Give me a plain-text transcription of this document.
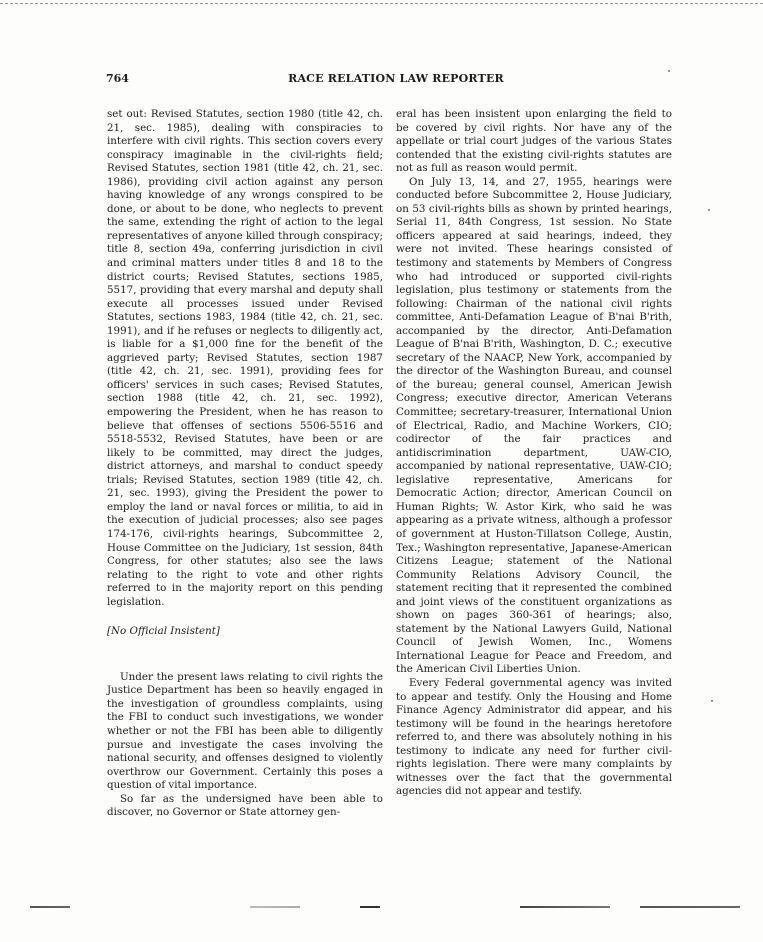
764	RACE RELATION LAW REPORTER

set out: Revised Statutes, section 1980 (title 42, ch. 21, sec. 1985), dealing with conspiracies to interfere with civil rights. This section covers every conspiracy imaginable in the civil-rights field; Revised Statutes, section 1981 (title 42, ch. 21, sec. 1986), providing civil action against any person having knowledge of any wrongs conspired to be done, or about to be done, who neglects to prevent the same, extending the right of action to the legal representatives of anyone killed through conspiracy; title 8, section 49a, conferring jurisdiction in civil and criminal matters under titles 8 and 18 to the district courts; Revised Statutes, sections 1985, 5517, providing that every marshal and deputy shall execute all processes issued under Revised Statutes, sections 1983, 1984 (title 42, ch. 21, sec. 1991), and if he refuses or neglects to diligently act, is liable for a $1,000 fine for the benefit of the aggrieved party; Revised Statutes, section 1987 (title 42, ch. 21, sec. 1991), providing fees for officers' services in such cases; Revised Statutes, section 1988 (title 42, ch. 21, sec. 1992), empowering the President, when he has reason to believe that offenses of sections 5506-5516 and 5518-5532, Revised Statutes, have been or are likely to be committed, may direct the judges, district attorneys, and marshal to conduct speedy trials; Revised Statutes, section 1989 (title 42, ch. 21, sec. 1993), giving the President the power to employ the land or naval forces or militia, to aid in the execution of judicial processes; also see pages 174-176, civil-rights hearings, Subcommittee 2, House Committee on the Judiciary, 1st session, 84th Congress, for other statutes; also see the laws relating to the right to vote and other rights referred to in the majority report on this pending legislation.

[No Official Insistent]

Under the present laws relating to civil rights the Justice Department has been so heavily engaged in the investigation of groundless complaints, using the FBI to conduct such investigations, we wonder whether or not the FBI has been able to diligently pursue and investigate the cases involving the national security, and offenses designed to violently overthrow our Government. Certainly this poses a question of vital importance.

So far as the undersigned have been able to discover, no Governor or State attorney gen-

eral has been insistent upon enlarging the field to be covered by civil rights. Nor have any of the appellate or trial court judges of the various States contended that the existing civil-rights statutes are not as full as reason would permit.

On July 13, 14, and 27, 1955, hearings were conducted before Subcommittee 2, House Judiciary, on 53 civil-rights bills as shown by printed hearings, Serial 11, 84th Congress, 1st session. No State officers appeared at said hearings, indeed, they were not invited. These hearings consisted of testimony and statements by Members of Congress who had introduced or supported civil-rights legislation, plus testimony or statements from the following: Chairman of the national civil rights committee, Anti-Defamation League of B'nai B'rith, accompanied by the director, Anti-Defamation League of B'nai B'rith, Washington, D. C.; executive secretary of the NAACP, New York, accompanied by the director of the Washington Bureau, and counsel of the bureau; general counsel, American Jewish Congress; executive director, American Veterans Committee; secretary-treasurer, International Union of Electrical, Radio, and Machine Workers, CIO; codirector of the fair practices and antidiscrimination department, UAW-CIO, accompanied by national representative, UAW-CIO; legislative representative, Americans for Democratic Action; director, American Council on Human Rights; W. Astor Kirk, who said he was appearing as a private witness, although a professor of government at Huston-Tillatson College, Austin, Tex.; Washington representative, Japanese-American Citizens League; statement of the National Community Relations Advisory Council, the statement reciting that it represented the combined and joint views of the constituent organizations as shown on pages 360-361 of hearings; also, statement by the National Lawyers Guild, National Council of Jewish Women, Inc., Womens International League for Peace and Freedom, and the American Civil Liberties Union.

Every Federal governmental agency was invited to appear and testify. Only the Housing and Home Finance Agency Administrator did appear, and his testimony will be found in the hearings heretofore referred to, and there was absolutely nothing in his testimony to indicate any need for further civil-rights legislation. There were many complaints by witnesses over the fact that the governmental agencies did not appear and testify.
